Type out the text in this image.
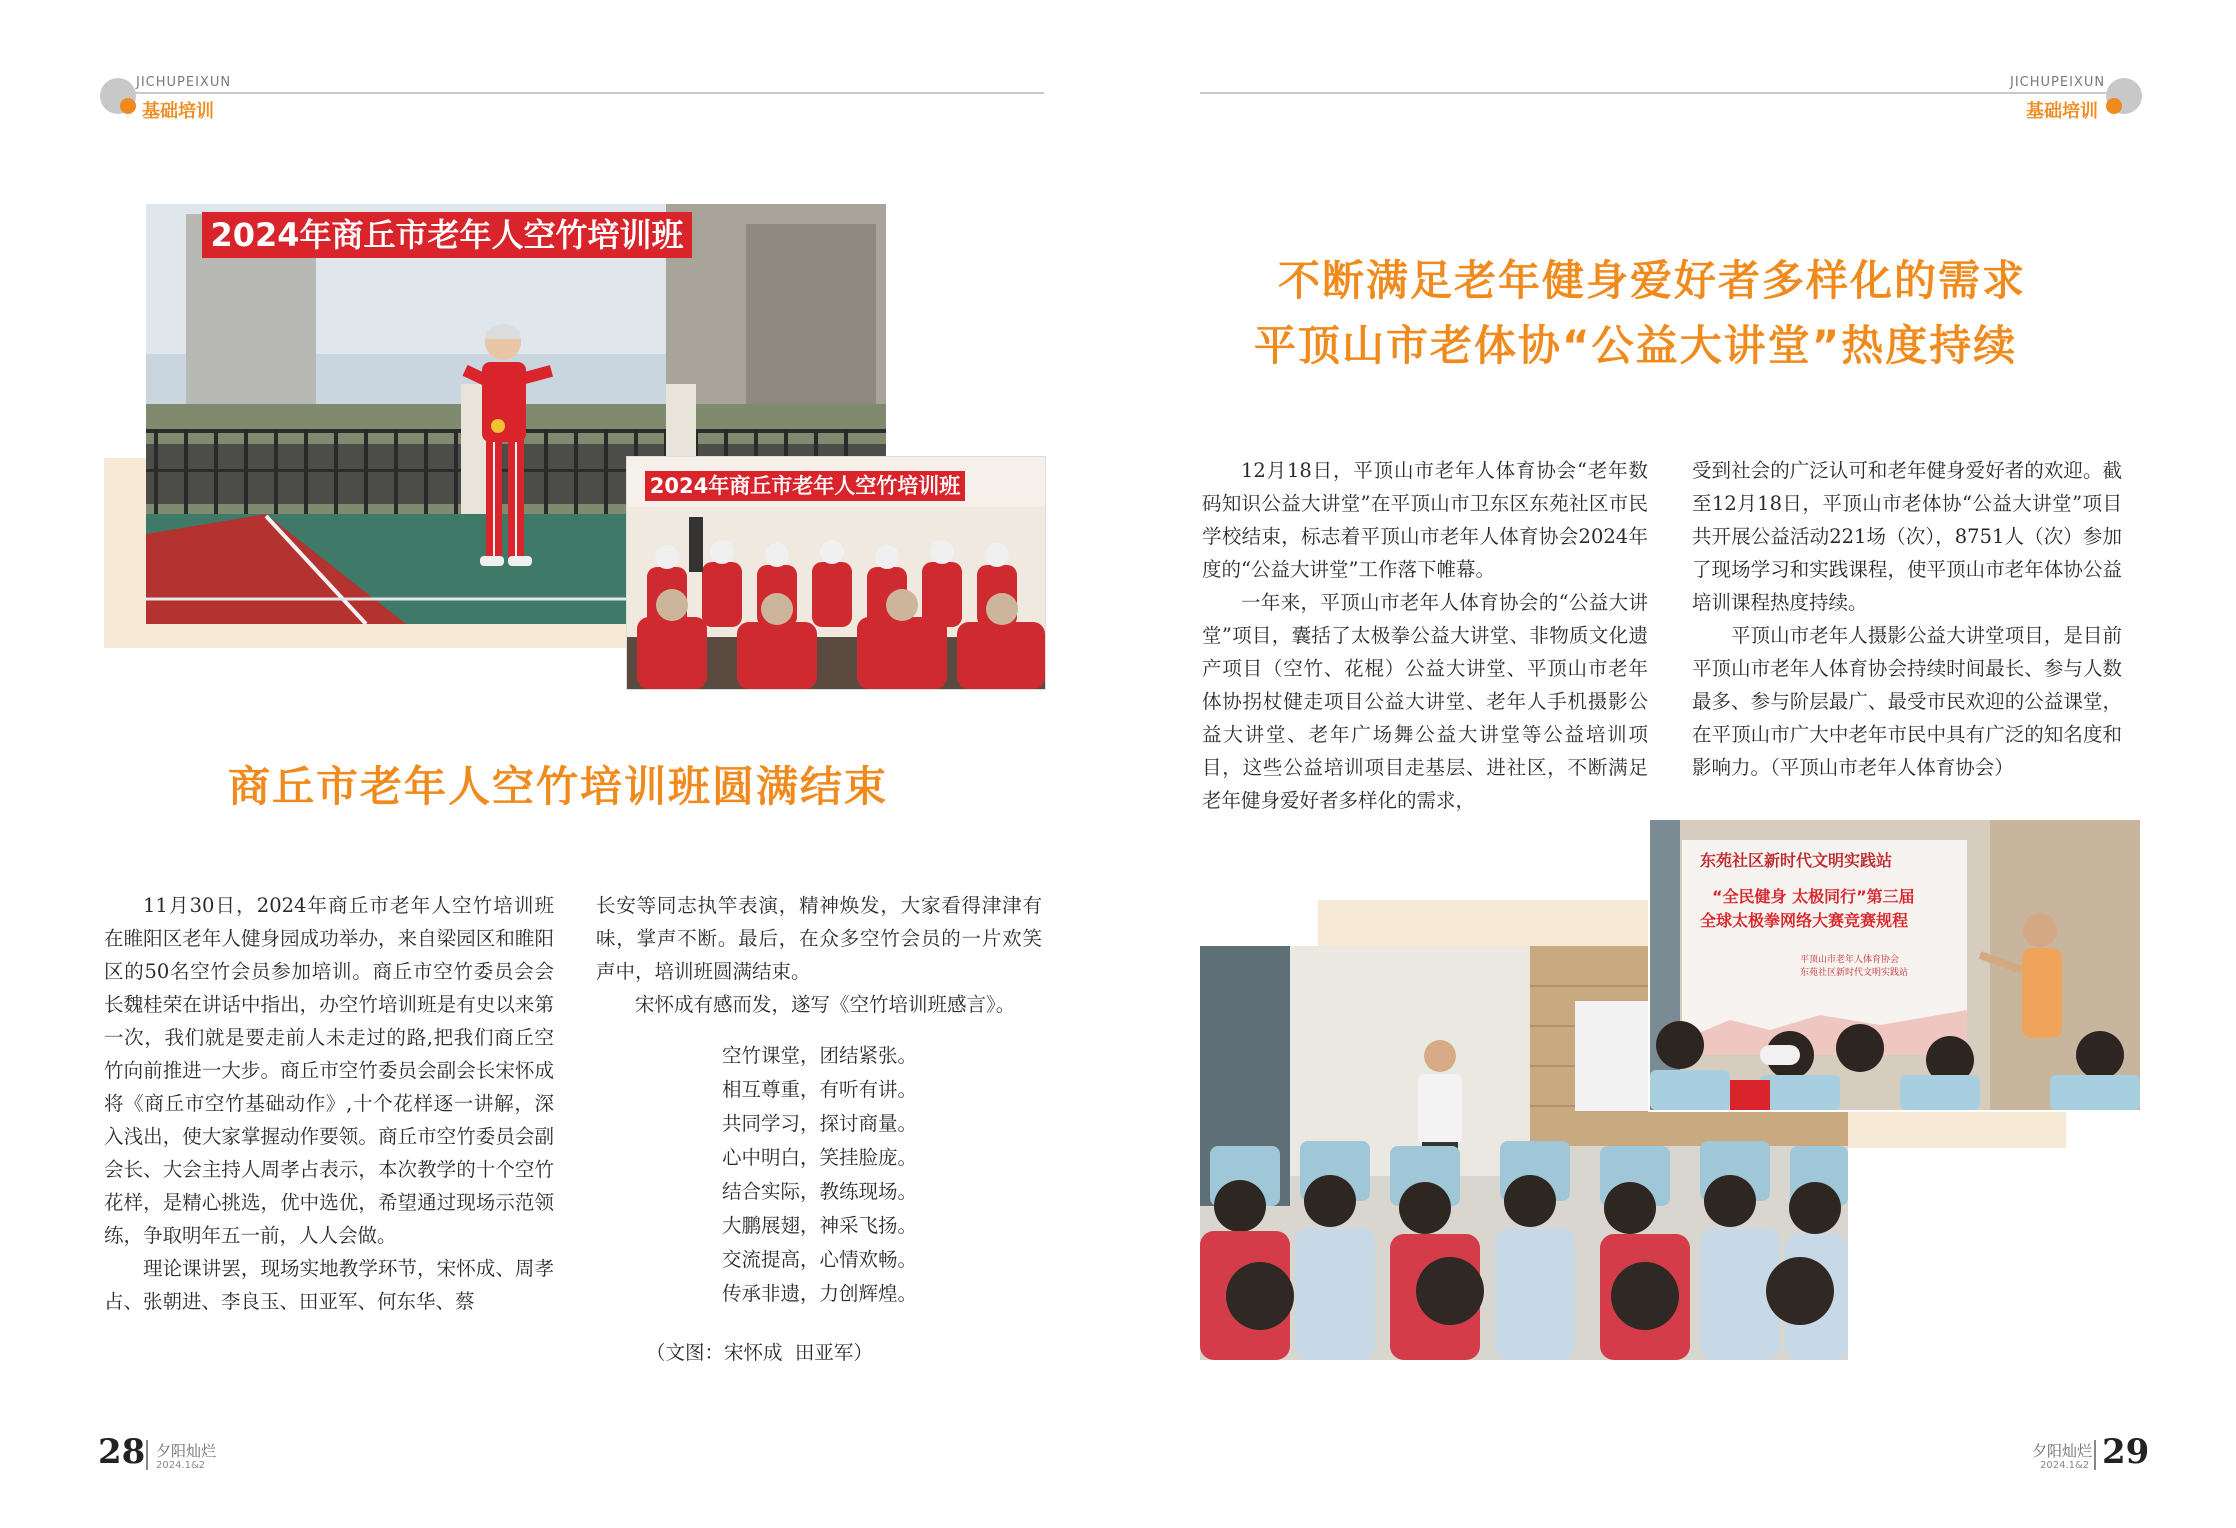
JICHUPEIXUN
基础培训
JICHUPEIXUN
基础培训
2024年商丘市老年人空竹培训班
2024年商丘市老年人空竹培训班
商丘市老年人空竹培训班圆满结束

11月30日，2024年商丘市老年人空竹培训班在睢阳区老年人健身园成功举办，来自梁园区和睢阳区的50名空竹会员参加培训。商丘市空竹委员会会长魏桂荣在讲话中指出，办空竹培训班是有史以来第一次，我们就是要走前人未走过的路,把我们商丘空竹向前推进一大步。商丘市空竹委员会副会长宋怀成将《商丘市空竹基础动作》,十个花样逐一讲解，深入浅出，使大家掌握动作要领。商丘市空竹委员会副会长、大会主持人周孝占表示，本次教学的十个空竹花样，是精心挑选，优中选优，希望通过现场示范领练，争取明年五一前，人人会做。

理论课讲罢，现场实地教学环节，宋怀成、周孝占、张朝进、李良玉、田亚军、何东华、蔡

长安等同志执竿表演，精神焕发，大家看得津津有味，掌声不断。最后，在众多空竹会员的一片欢笑声中，培训班圆满结束。

宋怀成有感而发，遂写《空竹培训班感言》。

空竹课堂，团结紧张。
相互尊重，有听有讲。
共同学习，探讨商量。
心中明白，笑挂脸庞。
结合实际，教练现场。
大鹏展翅，神采飞扬。
交流提高，心情欢畅。
传承非遗，力创辉煌。
（文图：宋怀成  田亚军）
不断满足老年健身爱好者多样化的需求
平顶山市老体协“公益大讲堂”热度持续

12月18日，平顶山市老年人体育协会“老年数码知识公益大讲堂”在平顶山市卫东区东苑社区市民学校结束，标志着平顶山市老年人体育协会2024年度的“公益大讲堂”工作落下帷幕。

一年来，平顶山市老年人体育协会的“公益大讲堂”项目，囊括了太极拳公益大讲堂、非物质文化遗产项目（空竹、花棍）公益大讲堂、平顶山市老年体协拐杖健走项目公益大讲堂、老年人手机摄影公益大讲堂、老年广场舞公益大讲堂等公益培训项目，这些公益培训项目走基层、进社区，不断满足老年健身爱好者多样化的需求，

受到社会的广泛认可和老年健身爱好者的欢迎。截至12月18日，平顶山市老体协“公益大讲堂”项目共开展公益活动221场（次），8751人（次）参加了现场学习和实践课程，使平顶山市老年体协公益培训课程热度持续。

平顶山市老年人摄影公益大讲堂项目，是目前平顶山市老年人体育协会持续时间最长、参与人数最多、参与阶层最广、最受市民欢迎的公益课堂，在平顶山市广大中老年市民中具有广泛的知名度和影响力。（平顶山市老年人体育协会）

东苑社区新时代文明实践站
“全民健身 太极同行”第三届
全球太极拳网络大赛竞赛规程
平顶山市老年人体育协会
东苑社区新时代文明实践站
28 夕阳灿烂
2024.1&2
夕阳灿烂
2024.1&2 29
